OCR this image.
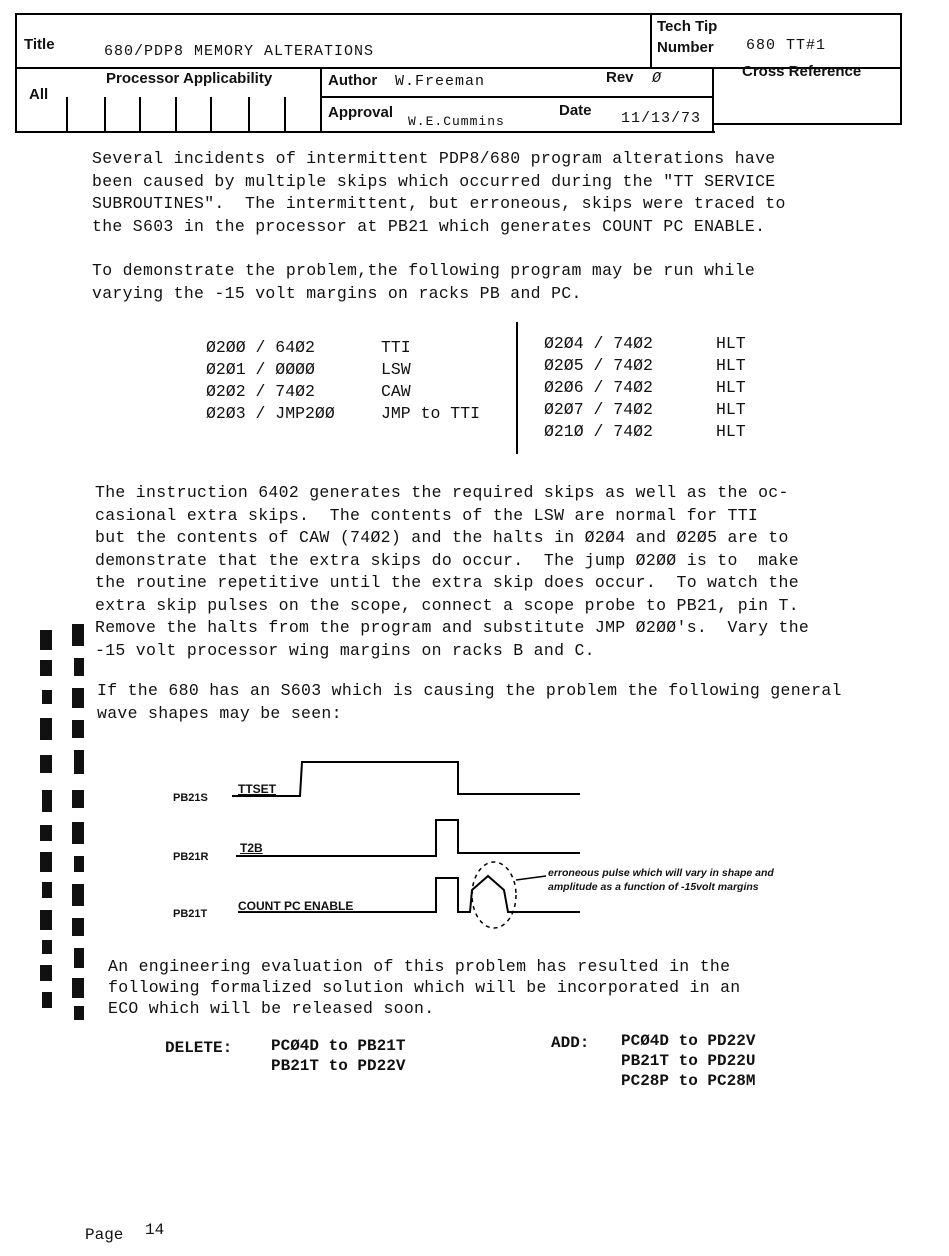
Title	680/PDP8 MEMORY ALTERATIONS
Tech Tip
Number 680 TT#1
All
Processor Applicability	Author W.Freeman	Rev Ø	Cross Reference
Approval
W.E.Cummins
Date 11/13/73
Several incidents of intermittent PDP8/680 program alterations have
been caused by multiple skips which occurred during the "TT SERVICE
SUBROUTINES".  The intermittent, but erroneous, skips were traced to
the S603 in the processor at PB21 which generates COUNT PC ENABLE.
To demonstrate the problem,the following program may be run while
varying the -15 volt margins on racks PB and PC.
Ø2ØØ / 64Ø2	TTI
Ø2Ø1 / ØØØØ	LSW
Ø2Ø2 / 74Ø2	CAW
Ø2Ø3 / JMP2ØØ	JMP to TTI
Ø2Ø4 / 74Ø2	HLT
Ø2Ø5 / 74Ø2	HLT
Ø2Ø6 / 74Ø2	HLT
Ø2Ø7 / 74Ø2	HLT
Ø21Ø / 74Ø2	HLT
The instruction 6402 generates the required skips as well as the oc-
casional extra skips.  The contents of the LSW are normal for TTI
but the contents of CAW (74Ø2) and the halts in Ø2Ø4 and Ø2Ø5 are to
demonstrate that the extra skips do occur.  The jump Ø2ØØ is to  make
the routine repetitive until the extra skip does occur.  To watch the
extra skip pulses on the scope, connect a scope probe to PB21, pin T.
Remove the halts from the program and substitute JMP Ø2ØØ's.  Vary the
-15 volt processor wing margins on racks B and C.
If the 680 has an S603 which is causing the problem the following general
wave shapes may be seen:
PB21S
TTSET
PB21R
T2B
PB21T
COUNT PC ENABLE
erroneous pulse which will vary in shape and
amplitude as a function of -15volt margins
An engineering evaluation of this problem has resulted in the
following formalized solution which will be incorporated in an
ECO which will be released soon.
DELETE: PCØ4D to PB21T
PB21T to PD22V
ADD: PCØ4D to PD22V
PB21T to PD22U
PC28P to PC28M
Page 14
